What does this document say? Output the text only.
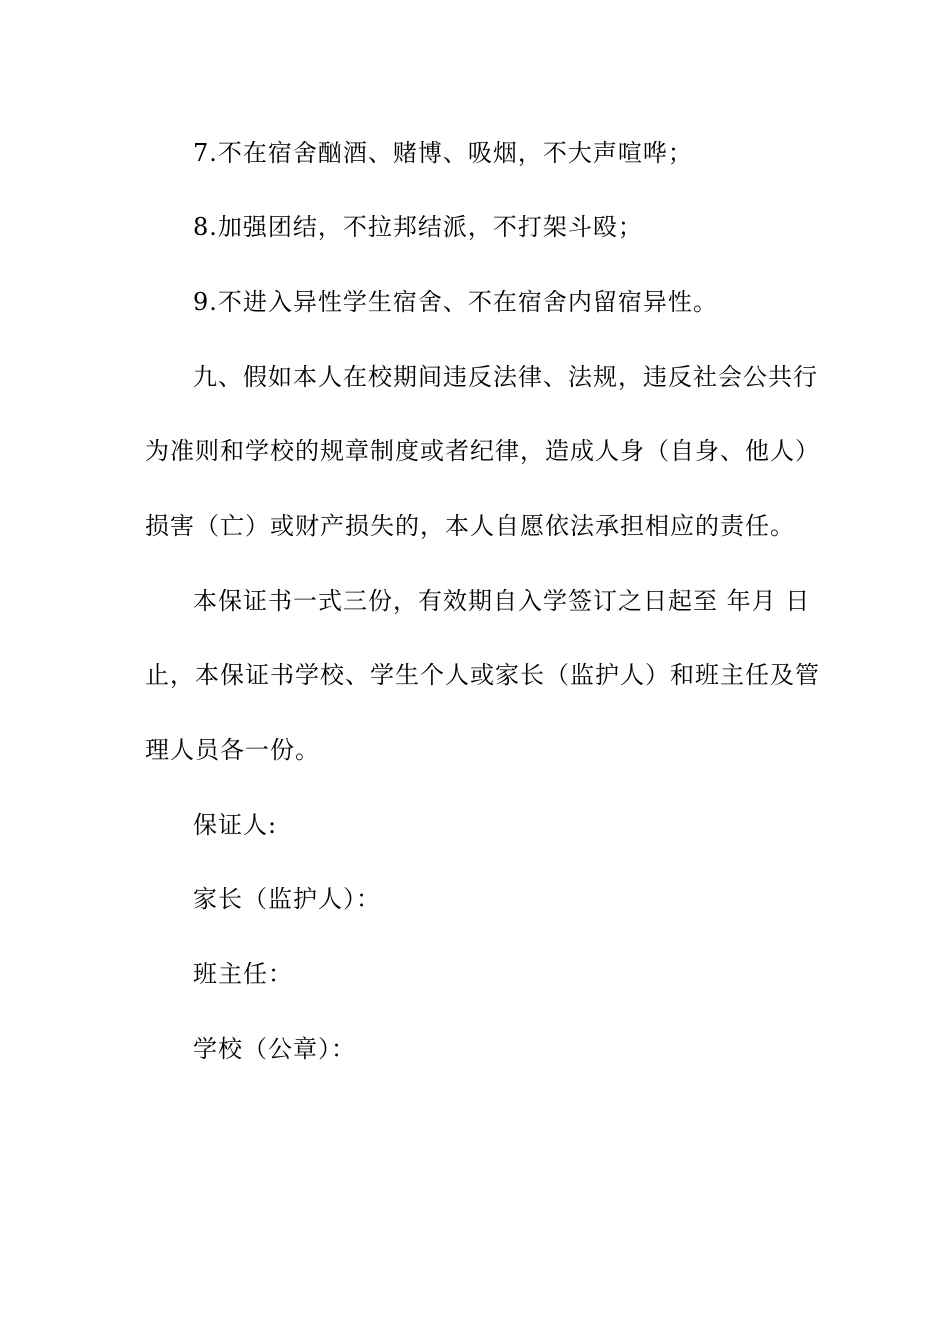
7.不在宿舍酗酒、赌博、吸烟，不大声喧哗；
8.加强团结，不拉邦结派，不打架斗殴；
9.不进入异性学生宿舍、不在宿舍内留宿异性。
九、假如本人在校期间违反法律、法规，违反社会公共行
为准则和学校的规章制度或者纪律，造成人身（自身、他人）
损害（亡）或财产损失的，本人自愿依法承担相应的责任。
本保证书一式三份，有效期自入学签订之日起至 年月 日
止，本保证书学校、学生个人或家长（监护人）和班主任及管
理人员各一份。
保证人:
家长（监护人）：
班主任：
学校（公章）：
